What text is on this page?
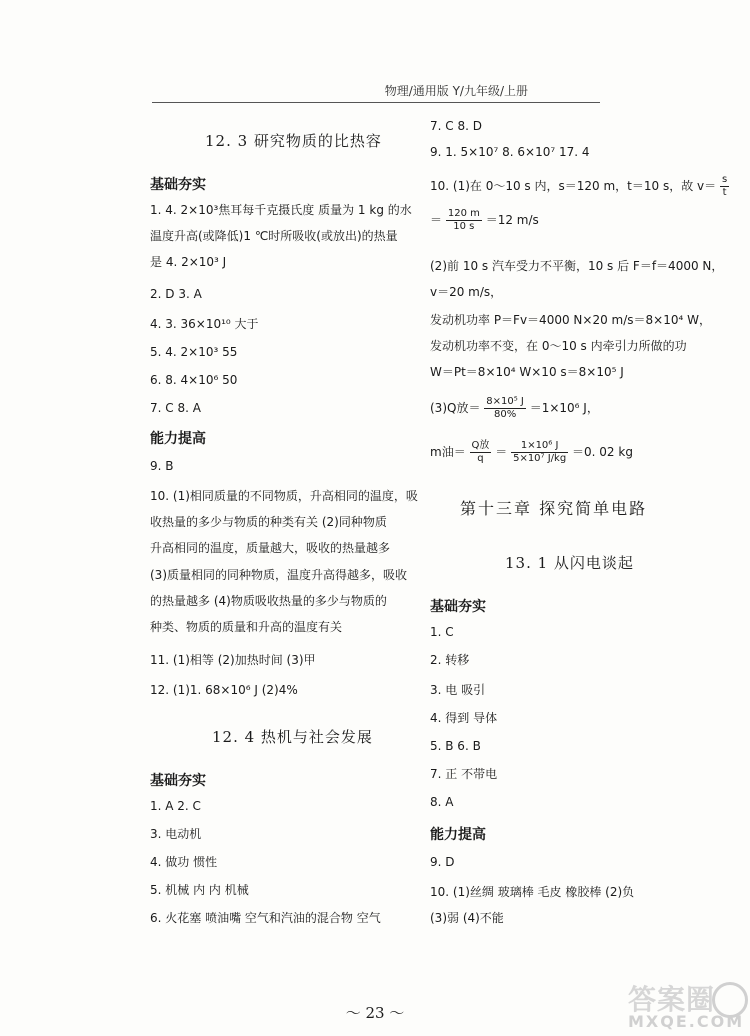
物理/通用版 Y/九年级/上册
12. 3 研究物质的比热容
基础夯实
1. 4. 2×10³焦耳每千克摄氏度 质量为 1 kg 的水
温度升高(或降低)1 ℃时所吸收(或放出)的热量
是 4. 2×10³ J
2. D 3. A
4. 3. 36×10¹⁰ 大于
5. 4. 2×10³ 55
6. 8. 4×10⁶ 50
7. C 8. A
能力提高
9. B
10. (1)相同质量的不同物质，升高相同的温度，吸
收热量的多少与物质的种类有关 (2)同种物质
升高相同的温度，质量越大，吸收的热量越多
(3)质量相同的同种物质，温度升高得越多，吸收
的热量越多 (4)物质吸收热量的多少与物质的
种类、物质的质量和升高的温度有关
11. (1)相等 (2)加热时间 (3)甲
12. (1)1. 68×10⁶ J (2)4%
12. 4 热机与社会发展
基础夯实
1. A 2. C
3. 电动机
4. 做功 惯性
5. 机械 内 内 机械
6. 火花塞 喷油嘴 空气和汽油的混合物 空气
7. C 8. D
9. 1. 5×10⁷ 8. 6×10⁷ 17. 4
10. (1)在 0～10 s 内，s＝120 m，t＝10 s，故 $v= \frac{s}{t}$
＝ $\frac{120 m}{10 s} =12$ m/s
(2)前 10 s 汽车受力不平衡，10 s 后 F＝f＝4000 N，
v＝20 m/s，
发动机功率 P＝Fv＝4000 N×20 m/s＝8×10⁴ W，
发动机功率不变，在 0～10 s 内牵引力所做的功
W＝Pt＝8×10⁴ W×10 s＝8×10⁵ J
(3)Q放＝ $\frac{\text{8×10⁵ J}}{80\%} =1\times 10^6$ J，
m油＝ $\frac{\text{Q放}}{q} = \frac{\text{1×10⁶ J}}{\text{5×10⁷ J/kg}} =0$. 02 kg
第十三章 探究简单电路
13. 1 从闪电谈起
基础夯实
1. C
2. 转移
3. 电 吸引
4. 得到 导体
5. B 6. B
7. 正 不带电
8. A
能力提高
9. D
10. (1)丝绸 玻璃棒 毛皮 橡胶棒 (2)负
(3)弱 (4)不能
～ 23 ～	答案圈
MXQE.COM
